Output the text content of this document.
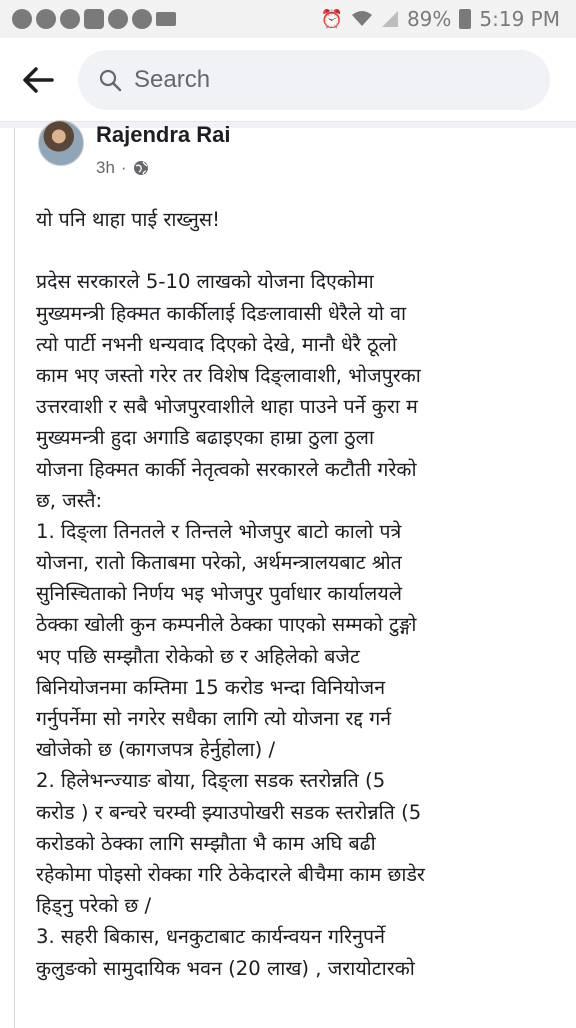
⏰	89% 5:19 PM
Search
Rajendra Rai
3h ·
यो पनि थाहा पाई राख्नुस!
प्रदेस सरकारले 5-10 लाखको योजना दिएकोमा
मुख्यमन्त्री हिक्मत कार्कीलाई दिङलावासी धेरैले यो वा
त्यो पार्टी नभनी धन्यवाद दिएको देखे, मानौ धेरै ठूलो
काम भए जस्तो गरेर तर विशेष दिङ्लावाशी, भोजपुरका
उत्तरवाशी र सबै भोजपुरवाशीले थाहा पाउने पर्ने कुरा म
मुख्यमन्त्री हुदा अगाडि बढाइएका हाम्रा ठुला ठुला
योजना हिक्मत कार्की नेतृत्वको सरकारले कटौती गरेको
छ, जस्तै:
1. दिङ्ला तिनतले र तिन्तले भोजपुर बाटो कालो पत्रे
योजना, रातो किताबमा परेको, अर्थमन्त्रालयबाट श्रोत
सुनिस्चिताको निर्णय भइ भोजपुर पुर्वाधार कार्यालयले
ठेक्का खोली कुन कम्पनीले ठेक्का पाएको सम्मको टुङ्गो
भए पछि सम्झौता रोकेको छ र अहिलेको बजेट
बिनियोजनमा कम्तिमा 15 करोड भन्दा विनियोजन
गर्नुपर्नेमा सो नगरेर सधैका लागि त्यो योजना रद्द गर्न
खोजेको छ (कागजपत्र हेर्नुहोला) /
2. हिलेभन्ज्याङ बोया, दिङ्ला सडक स्तरोन्नति (5
करोड ) र बन्चरे चरम्वी झ्याउपोखरी सडक स्तरोन्नति (5
करोडको ठेक्का लागि सम्झौता भै काम अघि बढी
रहेकोमा पोइसो रोक्का गरि ठेकेदारले बीचैमा काम छाडेर
हिड्नु परेको छ /
3. सहरी बिकास, धनकुटाबाट कार्यन्वयन गरिनुपर्ने
कुलुङको सामुदायिक भवन (20 लाख) , जरायोटारको
